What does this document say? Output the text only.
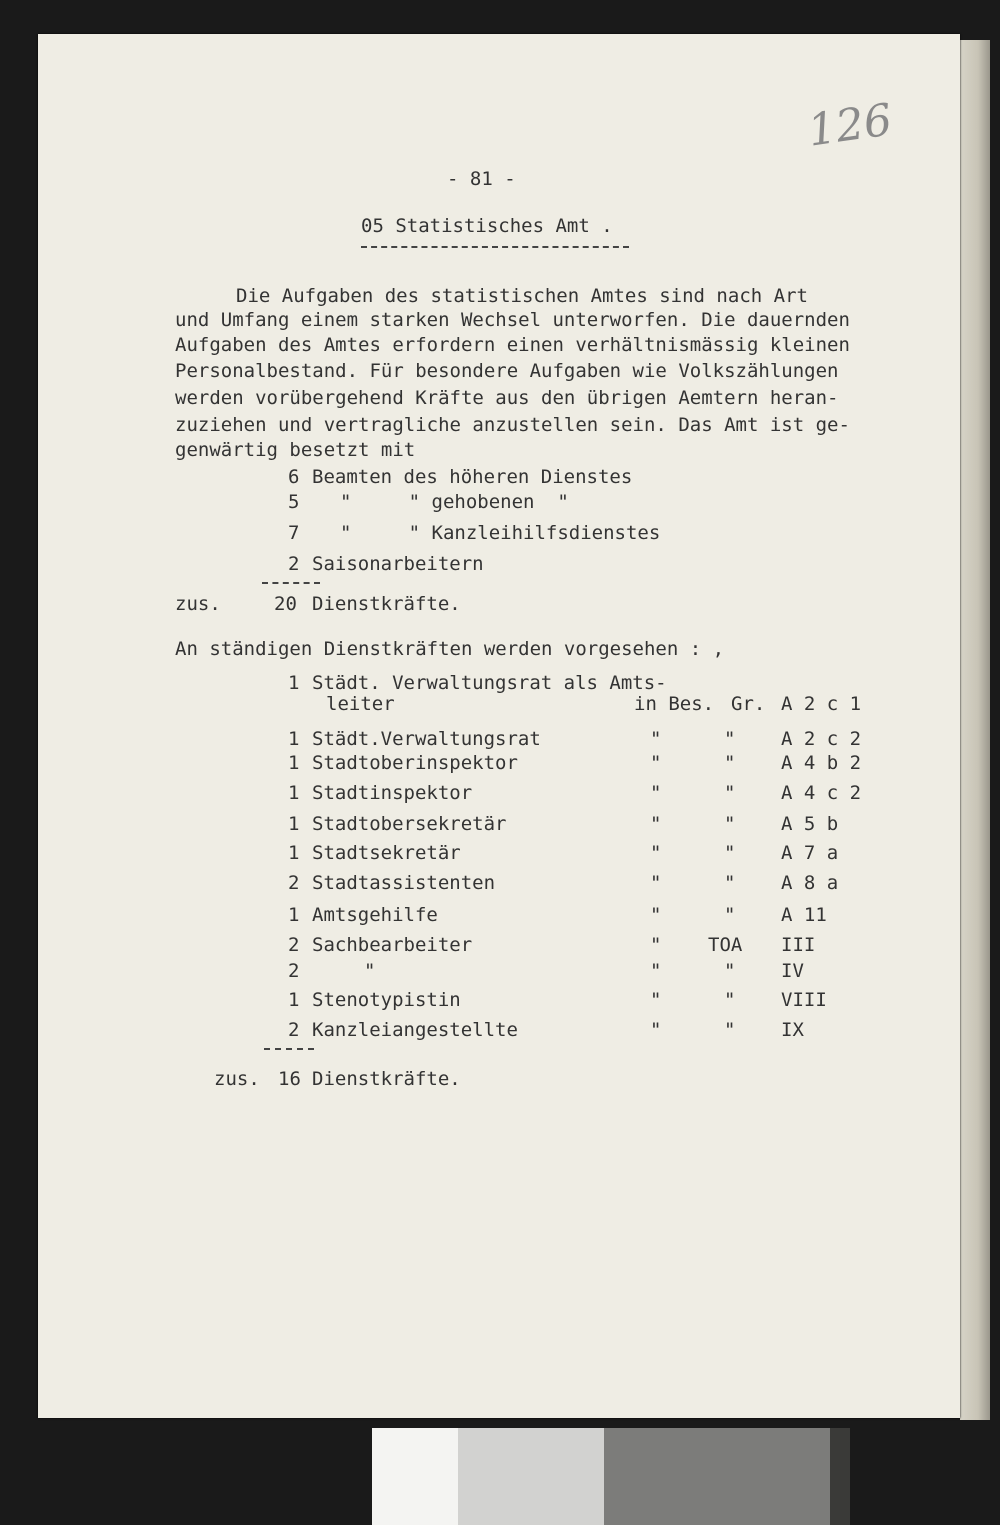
126
- 81 -
05 Statistisches Amt .
Die Aufgaben des statistischen Amtes sind nach Art
und Umfang einem starken Wechsel unterworfen. Die dauernden
Aufgaben des Amtes erfordern einen verhältnismässig kleinen
Personalbestand. Für besondere Aufgaben wie Volkszählungen
werden vorübergehend Kräfte aus den übrigen Aemtern heran-
zuziehen und vertragliche anzustellen sein. Das Amt ist ge-
genwärtig besetzt mit
6 Beamten des höheren Dienstes
5 "     " gehobenen  "
7 "     " Kanzleihilfsdienstes
2 Saisonarbeitern
zus.	20 Dienstkräfte.
An ständigen Dienstkräften werden vorgesehen : ,
1 Städt. Verwaltungsrat als Amts-
leiter	in Bes. Gr. A 2 c 1
1 Städt.Verwaltungsrat	"	" A 2 c 2
1 Stadtoberinspektor	"	" A 4 b 2
1 Stadtinspektor	"	" A 4 c 2
1 Stadtobersekretär	"	" A 5 b
1 Stadtsekretär	"	" A 7 a
2 Stadtassistenten	"	" A 8 a
1 Amtsgehilfe	"	" A 11
2 Sachbearbeiter	" TOA III
2	"	"	" IV
1 Stenotypistin	"	" VIII
2 Kanzleiangestellte	"	" IX
zus. 16 Dienstkräfte.
